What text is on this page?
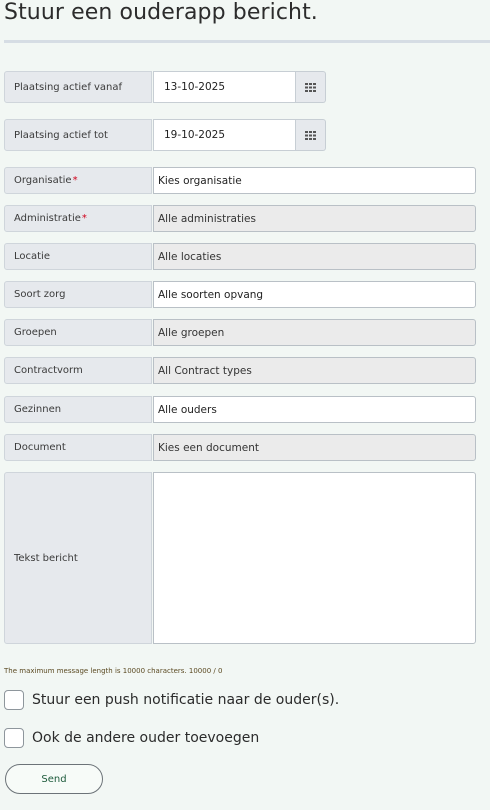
Stuur een ouderapp bericht.
Plaatsing actief vanaf	13-10-2025
Plaatsing actief tot	19-10-2025
Organisatie *	Kies organisatie
Administratie *	Alle administraties
Locatie	Alle locaties
Soort zorg	Alle soorten opvang
Groepen	Alle groepen
Contractvorm	All Contract types
Gezinnen	Alle ouders
Document	Kies een document
Tekst bericht
The maximum message length is 10000 characters. 10000 / 0
Stuur een push notificatie naar de ouder(s).
Ook de andere ouder toevoegen
Send
